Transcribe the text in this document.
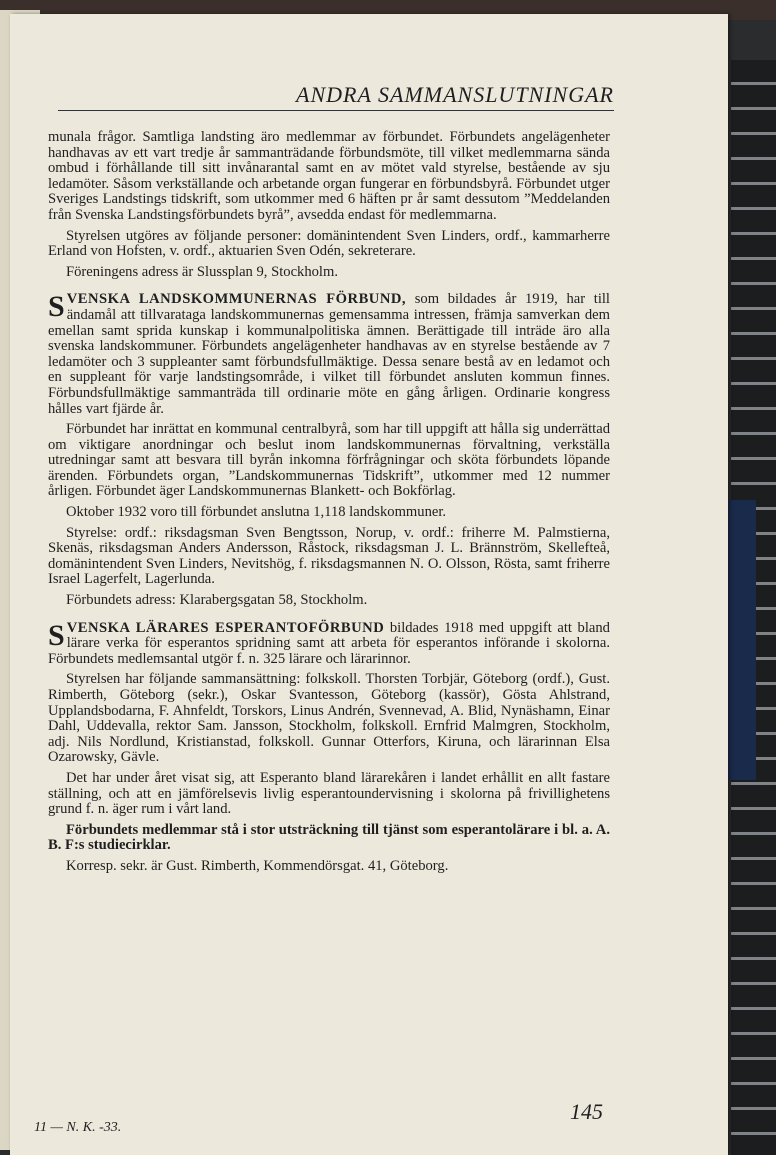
ANDRA SAMMANSLUTNINGAR

munala frågor. Samtliga landsting äro medlemmar av förbundet. Förbundets angelägenheter handhavas av ett vart tredje år sammanträdande förbundsmöte, till vilket medlemmarna sända ombud i förhållande till sitt invånarantal samt en av mötet vald styrelse, bestående av sju ledamöter. Såsom verkställande och arbetande organ fungerar en förbundsbyrå. Förbundet utger Sveriges Landstings tidskrift, som utkommer med 6 häften pr år samt dessutom ”Meddelanden från Svenska Landstingsförbundets byrå”, avsedda endast för medlemmarna.

Styrelsen utgöres av följande personer: domänintendent Sven Linders, ordf., kammarherre Erland von Hofsten, v. ordf., aktuarien Sven Odén, sekreterare.

Föreningens adress är Slussplan 9, Stockholm.

SVENSKA LANDSKOMMUNERNAS FÖRBUND, som bildades år 1919, har till ändamål att tillvarataga landskommunernas gemensamma intressen, främja samverkan dem emellan samt sprida kunskap i kommunalpolitiska ämnen. Berättigade till inträde äro alla svenska landskommuner. Förbundets angelägenheter handhavas av en styrelse bestående av 7 ledamöter och 3 suppleanter samt förbundsfullmäktige. Dessa senare bestå av en ledamot och en suppleant för varje landstingsområde, i vilket till förbundet ansluten kommun finnes. Förbundsfullmäktige sammanträda till ordinarie möte en gång årligen. Ordinarie kongress hålles vart fjärde år.

Förbundet har inrättat en kommunal centralbyrå, som har till uppgift att hålla sig underrättad om viktigare anordningar och beslut inom landskommunernas förvaltning, verkställa utredningar samt att besvara till byrån inkomna förfrågningar och sköta förbundets löpande ärenden. Förbundets organ, ”Landskommunernas Tidskrift”, utkommer med 12 nummer årligen. Förbundet äger Landskommunernas Blankett- och Bokförlag.

Oktober 1932 voro till förbundet anslutna 1,118 landskommuner.

Styrelse: ordf.: riksdagsman Sven Bengtsson, Norup, v. ordf.: friherre M. Palmstierna, Skenäs, riksdagsman Anders Andersson, Råstock, riksdagsman J. L. Brännström, Skellefteå, domänintendent Sven Linders, Nevitshög, f. riksdagsmannen N. O. Olsson, Rösta, samt friherre Israel Lagerfelt, Lagerlunda.

Förbundets adress: Klarabergsgatan 58, Stockholm.

SVENSKA LÄRARES ESPERANTOFÖRBUND bildades 1918 med uppgift att bland lärare verka för esperantos spridning samt att arbeta för esperantos införande i skolorna. Förbundets medlemsantal utgör f. n. 325 lärare och lärarinnor.

Styrelsen har följande sammansättning: folkskoll. Thorsten Torbjär, Göteborg (ordf.), Gust. Rimberth, Göteborg (sekr.), Oskar Svantesson, Göteborg (kassör), Gösta Ahlstrand, Upplandsbodarna, F. Ahnfeldt, Torskors, Linus Andrén, Svennevad, A. Blid, Nynäshamn, Einar Dahl, Uddevalla, rektor Sam. Jansson, Stockholm, folkskoll. Ernfrid Malmgren, Stockholm, adj. Nils Nordlund, Kristianstad, folkskoll. Gunnar Otterfors, Kiruna, och lärarinnan Elsa Ozarowsky, Gävle.

Det har under året visat sig, att Esperanto bland lärarekåren i landet erhållit en allt fastare ställning, och att en jämförelsevis livlig esperantoundervisning i skolorna på frivillighetens grund f. n. äger rum i vårt land.

Förbundets medlemmar stå i stor utsträckning till tjänst som esperantolärare i bl. a. A. B. F:s studiecirklar.

Korresp. sekr. är Gust. Rimberth, Kommendörsgat. 41, Göteborg.

145
11 — N. K. -33.
